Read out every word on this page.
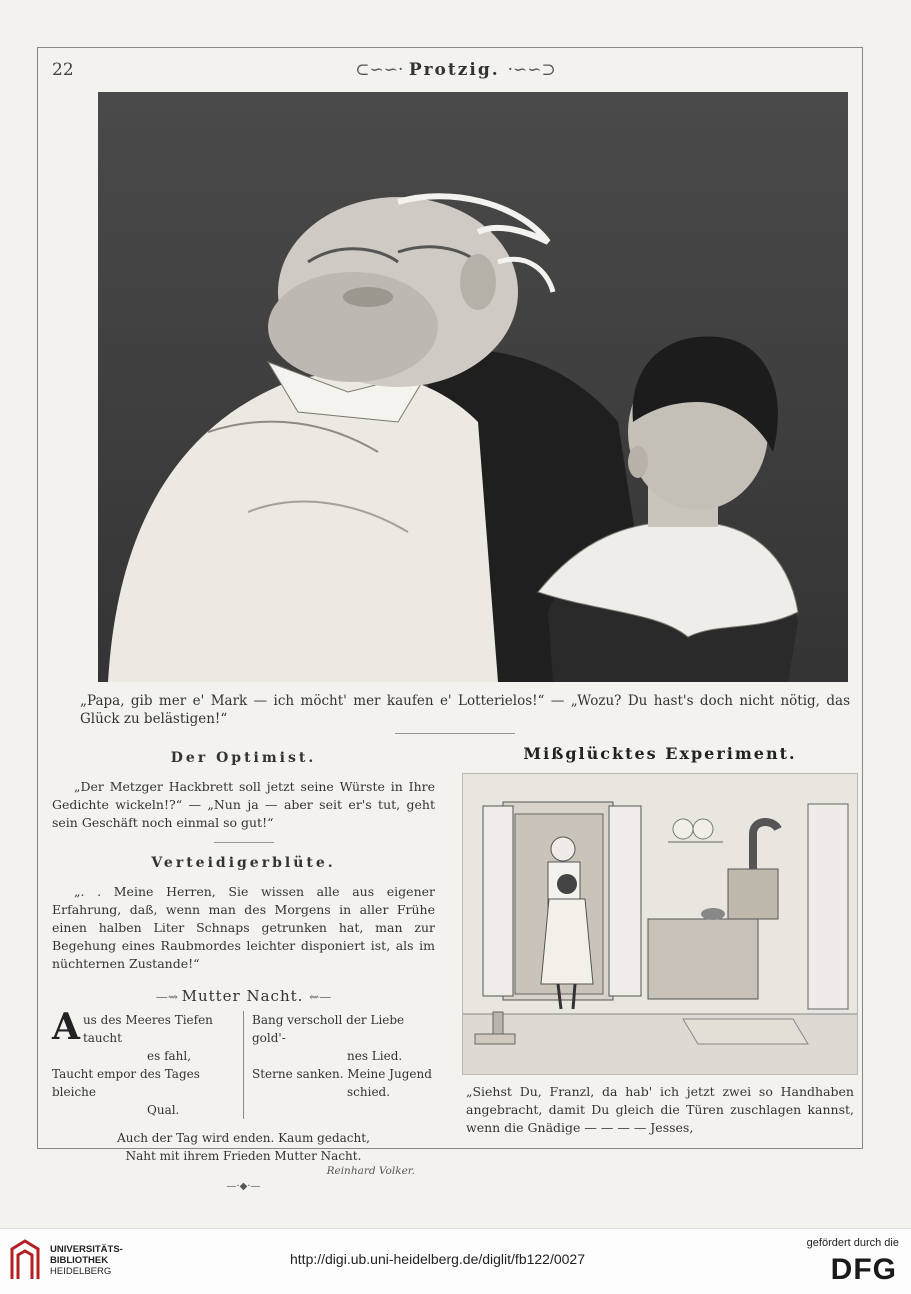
22	⊂∽∽· Protzig. ·∽∽⊃
„Papa, gib mer e' Mark — ich möcht' mer kaufen e' Lotterielos!“ — „Wozu? Du hast's doch nicht nötig, das Glück zu belästigen!“
Der Optimist.
„Der Metzger Hackbrett soll jetzt seine Würste in Ihre Gedichte wickeln!?“ — „Nun ja — aber seit er's tut, geht sein Geschäft noch einmal so gut!“
Verteidigerblüte.
„. . Meine Herren, Sie wissen alle aus eigener Erfahrung, daß, wenn man des Morgens in aller Frühe einen halben Liter Schnaps getrunken hat, man zur Begehung eines Raubmordes leichter disponiert ist, als im nüchternen Zustande!“
—⇝ Mutter Nacht. ⇜—
A us des Meeres Tiefen taucht
es fahl,
Taucht empor des Tages bleiche
Qual.
Bang verscholl der Liebe gold'-
nes Lied.
Sterne sanken. Meine Jugend
schied.
Auch der Tag wird enden. Kaum gedacht,
Naht mit ihrem Frieden Mutter Nacht.
Reinhard Volker.
—·◆·—
Mißglücktes Experiment.
„Siehst Du, Franzl, da hab' ich jetzt zwei so Handhaben angebracht, damit Du gleich die Türen zuschlagen kannst, wenn die Gnädige — — — — Jesses,
UNIVERSITÄTS-
BIBLIOTHEK
HEIDELBERG
http://digi.ub.uni-heidelberg.de/diglit/fb122/0027
gefördert durch die
DFG
